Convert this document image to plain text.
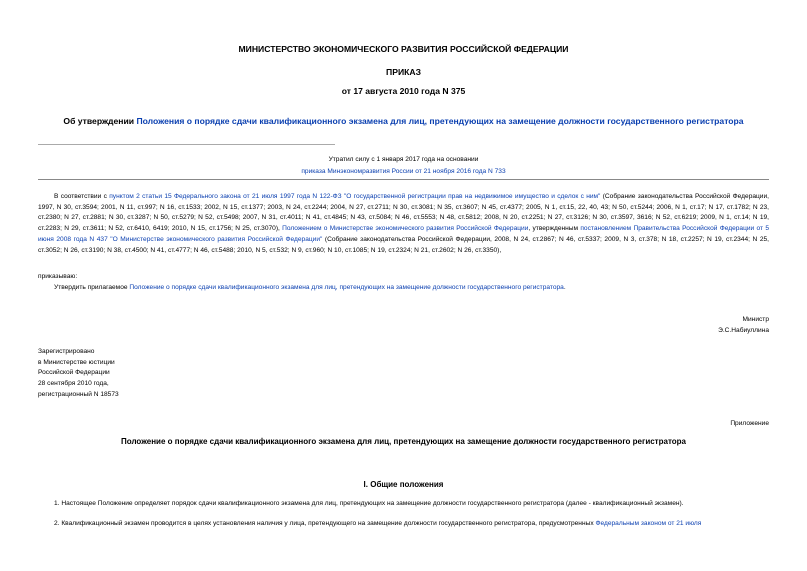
МИНИСТЕРСТВО ЭКОНОМИЧЕСКОГО РАЗВИТИЯ РОССИЙСКОЙ ФЕДЕРАЦИИ
ПРИКАЗ
от 17 августа 2010 года N 375
Об утверждении Положения о порядке сдачи квалификационного экзамена для лиц, претендующих на замещение должности государственного регистратора
Утратил силу с 1 января 2017 года на основании
приказа Минэкономразвития России от 21 ноября 2016 года N 733
В соответствии с пунктом 2 статьи 15 Федерального закона от 21 июля 1997 года N 122-ФЗ "О государственной регистрации прав на недвижимое имущество и сделок с ним" (Собрание законодательства Российской Федерации, 1997, N 30, ст.3594; 2001, N 11, ст.997; N 16, ст.1533; 2002, N 15, ст.1377; 2003, N 24, ст.2244; 2004, N 27, ст.2711; N 30, ст.3081; N 35, ст.3607; N 45, ст.4377; 2005, N 1, ст.15, 22, 40, 43; N 50, ст.5244; 2006, N 1, ст.17; N 17, ст.1782; N 23, ст.2380; N 27, ст.2881; N 30, ст.3287; N 50, ст.5279; N 52, ст.5498; 2007, N 31, ст.4011; N 41, ст.4845; N 43, ст.5084; N 46, ст.5553; N 48, ст.5812; 2008, N 20, ст.2251; N 27, ст.3126; N 30, ст.3597, 3616; N 52, ст.6219; 2009, N 1, ст.14; N 19, ст.2283; N 29, ст.3611; N 52, ст.6410, 6419; 2010, N 15, ст.1756; N 25, ст.3070), Положением о Министерстве экономического развития Российской Федерации, утвержденным постановлением Правительства Российской Федерации от 5 июня 2008 года N 437 "О Министерстве экономического развития Российской Федерации" (Собрание законодательства Российской Федерации, 2008, N 24, ст.2867; N 46, ст.5337; 2009, N 3, ст.378; N 18, ст.2257; N 19, ст.2344; N 25, ст.3052; N 26, ст.3190; N 38, ст.4500; N 41, ст.4777; N 46, ст.5488; 2010, N 5, ст.532; N 9, ст.960; N 10, ст.1085; N 19, ст.2324; N 21, ст.2602; N 26, ст.3350),
приказываю:
Утвердить прилагаемое Положение о порядке сдачи квалификационного экзамена для лиц, претендующих на замещение должности государственного регистратора.
Министр
Э.С.Набиуллина
Зарегистрировано
в Министерстве юстиции
Российской Федерации
28 сентября 2010 года,
регистрационный N 18573
Приложение
Положение о порядке сдачи квалификационного экзамена для лиц, претендующих на замещение должности государственного регистратора
I. Общие положения
1. Настоящее Положение определяет порядок сдачи квалификационного экзамена для лиц, претендующих на замещение должности государственного регистратора (далее - квалификационный экзамен).
2. Квалификационный экзамен проводится в целях установления наличия у лица, претендующего на замещение должности государственного регистратора, предусмотренных Федеральным законом от 21 июля
